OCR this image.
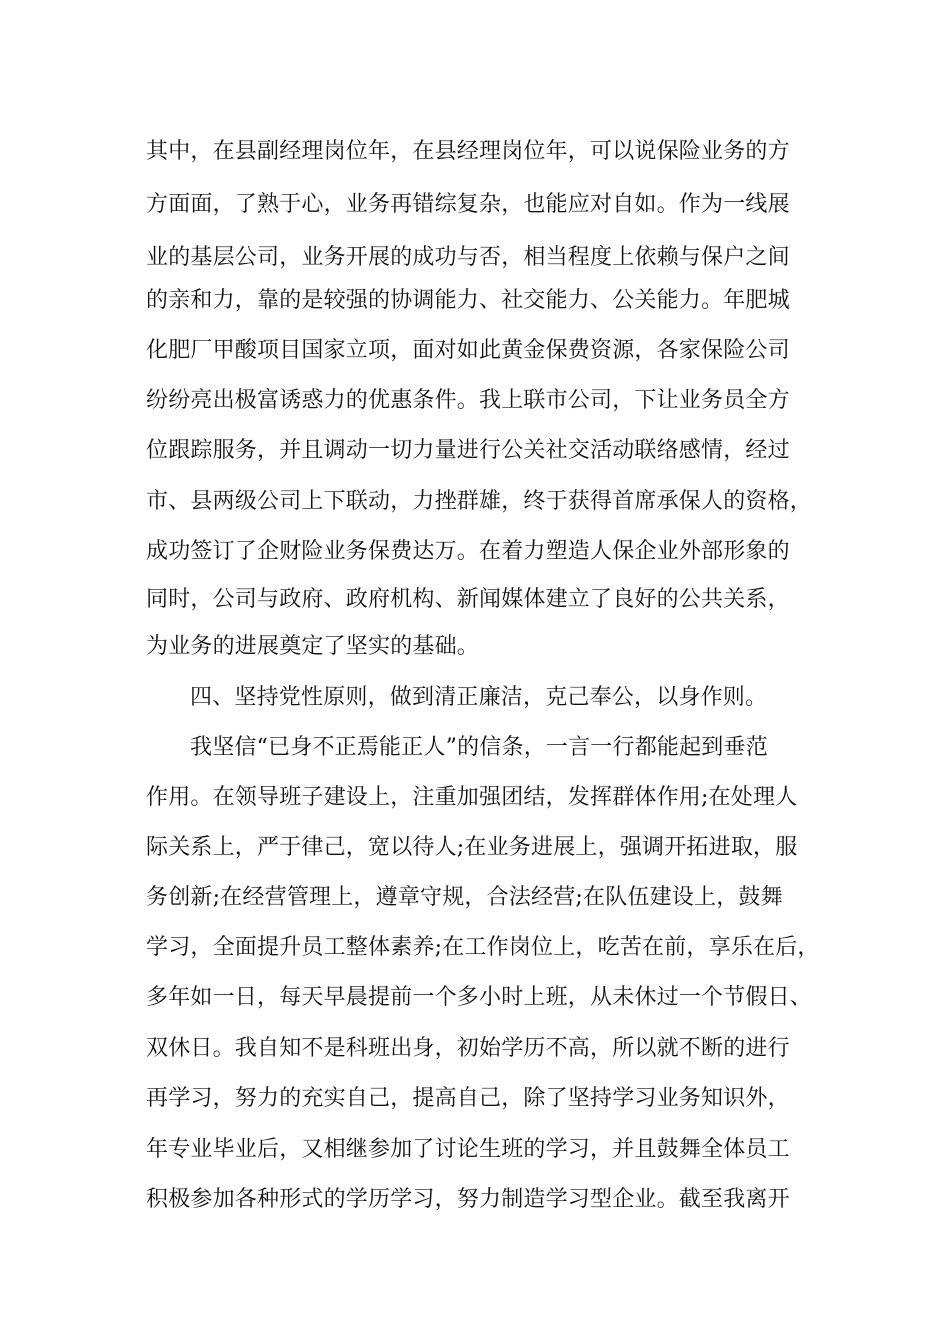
其中，在县副经理岗位年，在县经理岗位年，可以说保险业务的方
方面面，了熟于心，业务再错综复杂，也能应对自如。作为一线展
业的基层公司，业务开展的成功与否，相当程度上依赖与保户之间
的亲和力，靠的是较强的协调能力、社交能力、公关能力。年肥城
化肥厂甲酸项目国家立项，面对如此黄金保费资源，各家保险公司
纷纷亮出极富诱惑力的优惠条件。我上联市公司，下让业务员全方
位跟踪服务，并且调动一切力量进行公关社交活动联络感情，经过
市、县两级公司上下联动，力挫群雄，终于获得首席承保人的资格，
成功签订了企财险业务保费达万。在着力塑造人保企业外部形象的
同时，公司与政府、政府机构、新闻媒体建立了良好的公共关系，
为业务的进展奠定了坚实的基础。
四、坚持党性原则，做到清正廉洁，克己奉公，以身作则。
我坚信“已身不正焉能正人”的信条，一言一行都能起到垂范
作用。在领导班子建设上，注重加强团结，发挥群体作用;在处理人
际关系上，严于律己，宽以待人;在业务进展上，强调开拓进取，服
务创新;在经营管理上，遵章守规，合法经营;在队伍建设上，鼓舞
学习，全面提升员工整体素养;在工作岗位上，吃苦在前，享乐在后，
多年如一日，每天早晨提前一个多小时上班，从未休过一个节假日、
双休日。我自知不是科班出身，初始学历不高，所以就不断的进行
再学习，努力的充实自己，提高自己，除了坚持学习业务知识外，
年专业毕业后，又相继参加了讨论生班的学习，并且鼓舞全体员工
积极参加各种形式的学历学习，努力制造学习型企业。截至我离开
